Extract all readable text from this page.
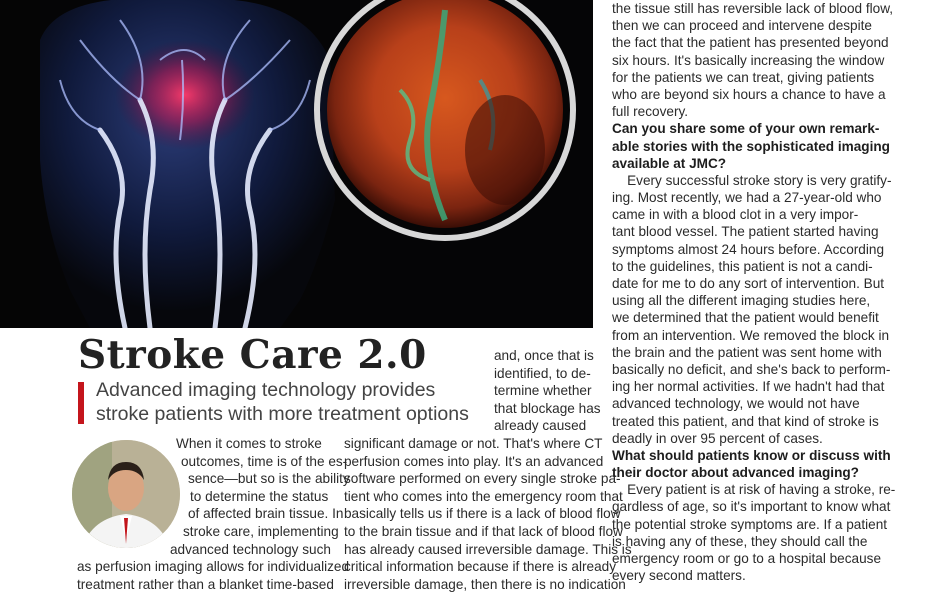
Stroke Care 2.0
Advanced imaging technology provides
stroke patients with more treatment options
When it comes to stroke
outcomes, time is of the es-
sence—but so is the ability
to determine the status
of affected brain tissue. In
stroke care, implementing
advanced technology such
as perfusion imaging allows for individualized
treatment rather than a blanket time-based
and, once that is
identified, to de-
termine whether
that blockage has
already caused
significant damage or not. That's where CT
perfusion comes into play. It's an advanced
software performed on every single stroke pa-
tient who comes into the emergency room that
basically tells us if there is a lack of blood flow
to the brain tissue and if that lack of blood flow
has already caused irreversible damage. This is
critical information because if there is already
irreversible damage, then there is no indication
the tissue still has reversible lack of blood flow,
then we can proceed and intervene despite
the fact that the patient has presented beyond
six hours. It's basically increasing the window
for the patients we can treat, giving patients
who are beyond six hours a chance to have a
full recovery.
Can you share some of your own remark-
able stories with the sophisticated imaging
available at JMC?
Every successful stroke story is very gratify-
ing. Most recently, we had a 27-year-old who
came in with a blood clot in a very impor-
tant blood vessel. The patient started having
symptoms almost 24 hours before. According
to the guidelines, this patient is not a candi-
date for me to do any sort of intervention. But
using all the different imaging studies here,
we determined that the patient would benefit
from an intervention. We removed the block in
the brain and the patient was sent home with
basically no deficit, and she's back to perform-
ing her normal activities. If we hadn't had that
advanced technology, we would not have
treated this patient, and that kind of stroke is
deadly in over 95 percent of cases.
What should patients know or discuss with
their doctor about advanced imaging?
Every patient is at risk of having a stroke, re-
gardless of age, so it's important to know what
the potential stroke symptoms are. If a patient
is having any of these, they should call the
emergency room or go to a hospital because
every second matters.
